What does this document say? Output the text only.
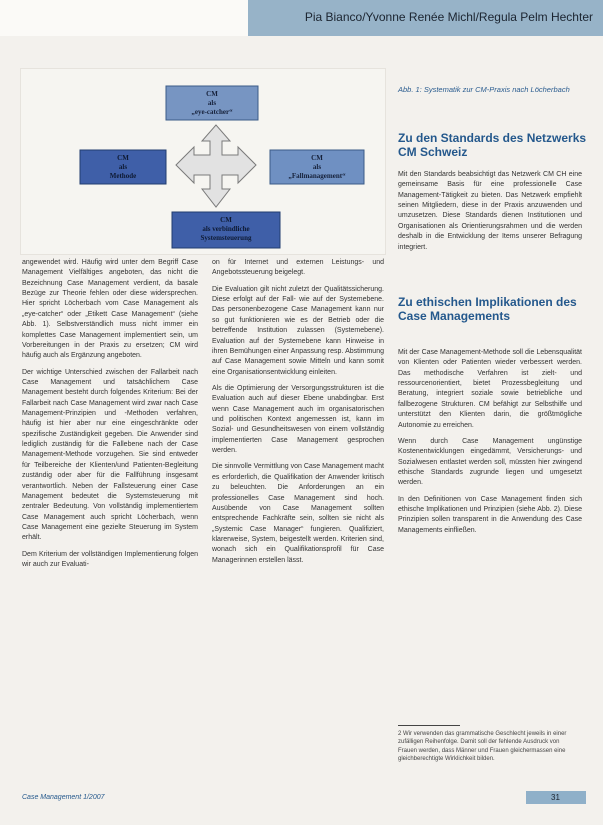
Pia Bianco/Yvonne Renée Michl/Regula Pelm Hechter
CM
als
„eye-catcher“
CM
als
Methode
CM
als
„Fallmanagement“
CM
als verbindliche
Systemsteuerung
Abb. 1: Systematik zur CM-Praxis nach Löcherbach
Zu den Standards des Netzwerks CM Schweiz

Mit den Standards beabsichtigt das Netzwerk CM CH eine gemeinsame Basis für eine professionelle Case Management-Tätigkeit zu bieten. Das Netzwerk empfiehlt seinen Mitgliedern, diese in der Praxis anzuwenden und umzusetzen. Diese Standards dienen Institutionen und Organisationen als Orientierungsrahmen und die werden deshalb in die Entwicklung der Items unserer Befragung integriert.

Zu ethischen Implikationen des Case Managements

Mit der Case Management-Methode soll die Lebensqualität von Klienten oder Patienten wieder verbessert werden. Das methodische Verfahren ist zielt- und ressourcenorientiert, bietet Prozessbegleitung und Beratung, integriert soziale sowie betriebliche und fallbezogene Strukturen. CM befähigt zur Selbsthilfe und unterstützt den Klienten darin, die größtmögliche Autonomie zu erreichen.

Wenn durch Case Management ungünstige Kostenentwicklungen eingedämmt, Versicherungs- und Sozialwesen entlastet werden soll, müssten hier zwingend ethische Standards zugrunde liegen und umgesetzt werden.

In den Definitionen von Case Management finden sich ethische Implikationen und Prinzipien (siehe Abb. 2). Diese Prinzipien sollen transparent in die Anwendung des Case Managements einfließen.

angewendet wird. Häufig wird unter dem Begriff Case Management Vielfältiges angeboten, das nicht die Bezeichnung Case Management verdient, da basale Bezüge zur Theorie fehlen oder diese widersprechen. Hier spricht Löcherbach vom Case Management als „eye-catcher“ oder „Etikett Case Management“ (siehe Abb. 1). Selbstverständlich muss nicht immer ein komplettes Case Management implementiert sein, um Vorbereitungen in der Praxis zu ersetzen; CM wird häufig auch als Ergänzung angeboten.

Der wichtige Unterschied zwischen der Fallarbeit nach Case Management und tatsächlichem Case Management besteht durch folgendes Kriterium: Bei der Fallarbeit nach Case Management wird zwar nach Case Management-Prinzipien und -Methoden verfahren, häufig ist hier aber nur eine eingeschränkte oder spezifische Zuständigkeit gegeben. Die Anwender sind lediglich zuständig für die Fallebene nach der Case Management-Methode vorzugehen. Sie sind entweder für Teilbereiche der Klienten/und Patienten-Begleitung zuständig oder aber für die Fallführung insgesamt verantwortlich. Neben der Fallsteuerung einer Case Management bedeutet die Systemsteuerung mit zentraler Bedeutung. Von vollständig implementiertem Case Management auch spricht Löcherbach, wenn Case Management eine gezielte Steuerung im System erhält.

Dem Kriterium der vollständigen Implementierung folgen wir auch zur Evaluati-

on für Internet und externen Leistungs- und Angebotssteuerung beigelegt.

Die Evaluation gilt nicht zuletzt der Qualitätssicherung. Diese erfolgt auf der Fall- wie auf der Systemebene. Das personenbezogene Case Management kann nur so gut funktionieren wie es der Betrieb oder die betreffende Institution zulassen (Systemebene). Evaluation auf der Systemebene kann Hinweise in ihren Bemühungen einer Anpassung resp. Abstimmung auf Case Management sowie Mitteln und kann somit eine Organisationsentwicklung einleiten.

Als die Optimierung der Versorgungsstrukturen ist die Evaluation auch auf dieser Ebene unabdingbar. Erst wenn Case Management auch im organisatorischen und politischen Kontext angemessen ist, kann im Sozial- und Gesundheitswesen von einem vollständig implementierten Case Management gesprochen werden.

Die sinnvolle Vermittlung von Case Management macht es erforderlich, die Qualifikation der Anwender kritisch zu beleuchten. Die Anforderungen an ein professionelles Case Management sind hoch. Ausübende von Case Management sollten entsprechende Fachkräfte sein, sollten sie nicht als „Systemic Case Manager“ fungieren. Qualifiziert, klarerweise, System, beigestellt werden. Kriterien sind, wonach sich ein Qualifikationsprofil für Case Managerinnen erstellen lässt.

2 Wir verwenden das grammatische Geschlecht jeweils in einer zufälligen Reihenfolge. Damit soll der fehlende Ausdruck von Frauen werden, dass Männer und Frauen gleichermassen eine gleichberechtigte Wirklichkeit bilden.
Case Management 1/2007	31
